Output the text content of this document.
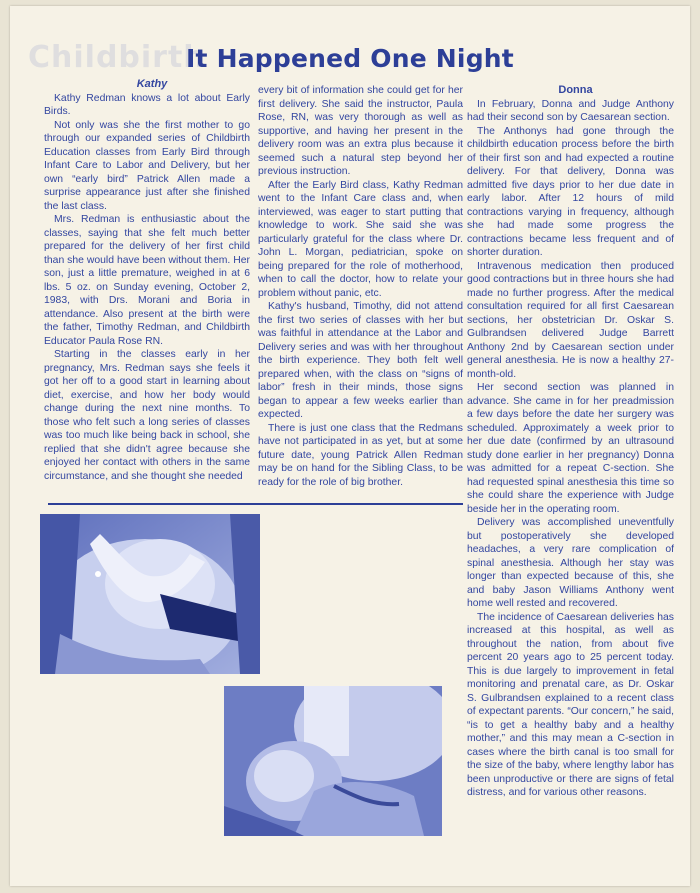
Childbirth
It Happened One Night

Kathy

Kathy Redman knows a lot about Early Birds.

Not only was she the first mother to go through our expanded series of Childbirth Education classes from Early Bird through Infant Care to Labor and Delivery, but her own “early bird” Patrick Allen made a surprise appearance just after she finished the last class.

Mrs. Redman is enthusiastic about the classes, saying that she felt much better prepared for the delivery of her first child than she would have been without them. Her son, just a little premature, weighed in at 6 lbs. 5 oz. on Sunday evening, October 2, 1983, with Drs. Morani and Boria in attendance. Also present at the birth were the father, Timothy Redman, and Childbirth Educator Paula Rose RN.

Starting in the classes early in her pregnancy, Mrs. Redman says she feels it got her off to a good start in learning about diet, exercise, and how her body would change during the next nine months. To those who felt such a long series of classes was too much like being back in school, she replied that she didn't agree because she enjoyed her contact with others in the same circumstance, and she thought she needed

every bit of information she could get for her first delivery. She said the instructor, Paula Rose, RN, was very thorough as well as supportive, and having her present in the delivery room was an extra plus because it seemed such a natural step beyond her previous instruction.

After the Early Bird class, Kathy Redman went to the Infant Care class and, when interviewed, was eager to start putting that knowledge to work. She said she was particularly grateful for the class where Dr. John L. Morgan, pediatrician, spoke on being prepared for the role of motherhood, when to call the doctor, how to relate your problem without panic, etc.

Kathy's husband, Timothy, did not attend the first two series of classes with her but was faithful in attendance at the Labor and Delivery series and was with her throughout the birth experience. They both felt well prepared when, with the class on “signs of labor” fresh in their minds, those signs began to appear a few weeks earlier than expected.

There is just one class that the Redmans have not participated in as yet, but at some future date, young Patrick Allen Redman may be on hand for the Sibling Class, to be ready for the role of big brother.

Donna

In February, Donna and Judge Anthony had their second son by Caesarean section.

The Anthonys had gone through the childbirth education process before the birth of their first son and had expected a routine delivery. For that delivery, Donna was admitted five days prior to her due date in early labor. After 12 hours of mild contractions varying in frequency, although she had made some progress the contractions became less frequent and of shorter duration.

Intravenous medication then produced good contractions but in three hours she had made no further progress. After the medical consultation required for all first Caesarean sections, her obstetrician Dr. Oskar S. Gulbrandsen delivered Judge Barrett Anthony 2nd by Caesarean section under general anesthesia. He is now a healthy 27-month-old.

Her second section was planned in advance. She came in for her preadmission a few days before the date her surgery was scheduled. Approximately a week prior to her due date (confirmed by an ultrasound study done earlier in her pregnancy) Donna was admitted for a repeat C-section. She had requested spinal anesthesia this time so she could share the experience with Judge beside her in the operating room.

Delivery was accomplished uneventfully but postoperatively she developed headaches, a very rare complication of spinal anesthesia. Although her stay was longer than expected because of this, she and baby Jason Williams Anthony went home well rested and recovered.

The incidence of Caesarean deliveries has increased at this hospital, as well as throughout the nation, from about five percent 20 years ago to 25 percent today. This is due largely to improvement in fetal monitoring and prenatal care, as Dr. Oskar S. Gulbrandsen explained to a recent class of expectant parents. “Our concern,” he said, “is to get a healthy baby and a healthy mother,” and this may mean a C-section in cases where the birth canal is too small for the size of the baby, where lengthy labor has been unproductive or there are signs of fetal distress, and for various other reasons.
